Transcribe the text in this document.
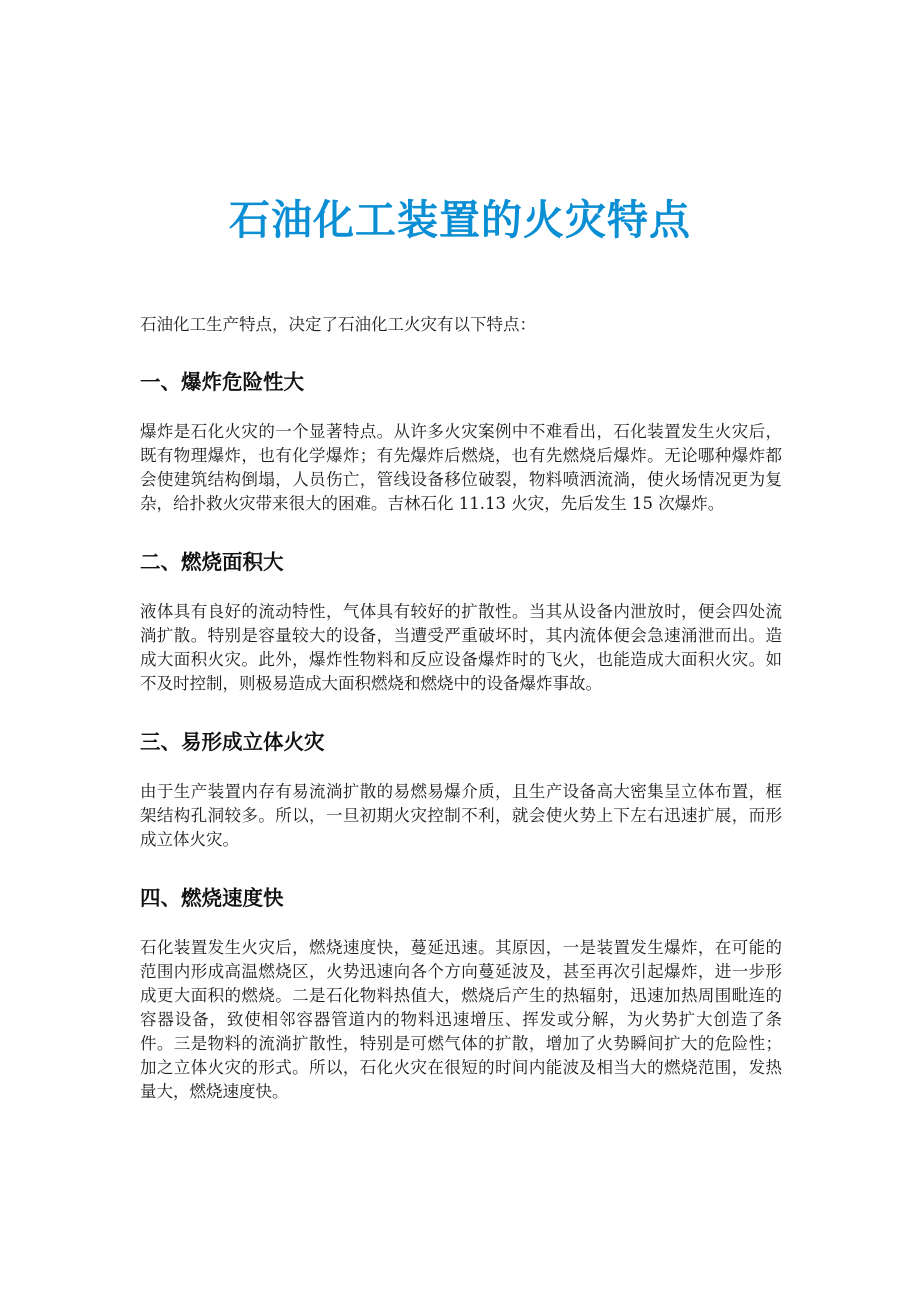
石油化工装置的火灾特点

石油化工生产特点，决定了石油化工火灾有以下特点：

一、爆炸危险性大

爆炸是石化火灾的一个显著特点。从许多火灾案例中不难看出，石化装置发生火灾后，既有物理爆炸，也有化学爆炸；有先爆炸后燃烧，也有先燃烧后爆炸。无论哪种爆炸都会使建筑结构倒塌，人员伤亡，管线设备移位破裂，物料喷洒流淌，使火场情况更为复杂，给扑救火灾带来很大的困难。吉林石化 11.13 火灾，先后发生 15 次爆炸。

二、燃烧面积大

液体具有良好的流动特性，气体具有较好的扩散性。当其从设备内泄放时，便会四处流淌扩散。特别是容量较大的设备，当遭受严重破坏时，其内流体便会急速涌泄而出。造成大面积火灾。此外，爆炸性物料和反应设备爆炸时的飞火，也能造成大面积火灾。如不及时控制，则极易造成大面积燃烧和燃烧中的设备爆炸事故。

三、易形成立体火灾

由于生产装置内存有易流淌扩散的易燃易爆介质，且生产设备高大密集呈立体布置，框架结构孔洞较多。所以，一旦初期火灾控制不利，就会使火势上下左右迅速扩展，而形成立体火灾。

四、燃烧速度快

石化装置发生火灾后，燃烧速度快，蔓延迅速。其原因，一是装置发生爆炸，在可能的范围内形成高温燃烧区，火势迅速向各个方向蔓延波及，甚至再次引起爆炸，进一步形成更大面积的燃烧。二是石化物料热值大，燃烧后产生的热辐射，迅速加热周围毗连的容器设备，致使相邻容器管道内的物料迅速增压、挥发或分解，为火势扩大创造了条件。三是物料的流淌扩散性，特别是可燃气体的扩散，增加了火势瞬间扩大的危险性；加之立体火灾的形式。所以，石化火灾在很短的时间内能波及相当大的燃烧范围，发热量大，燃烧速度快。
